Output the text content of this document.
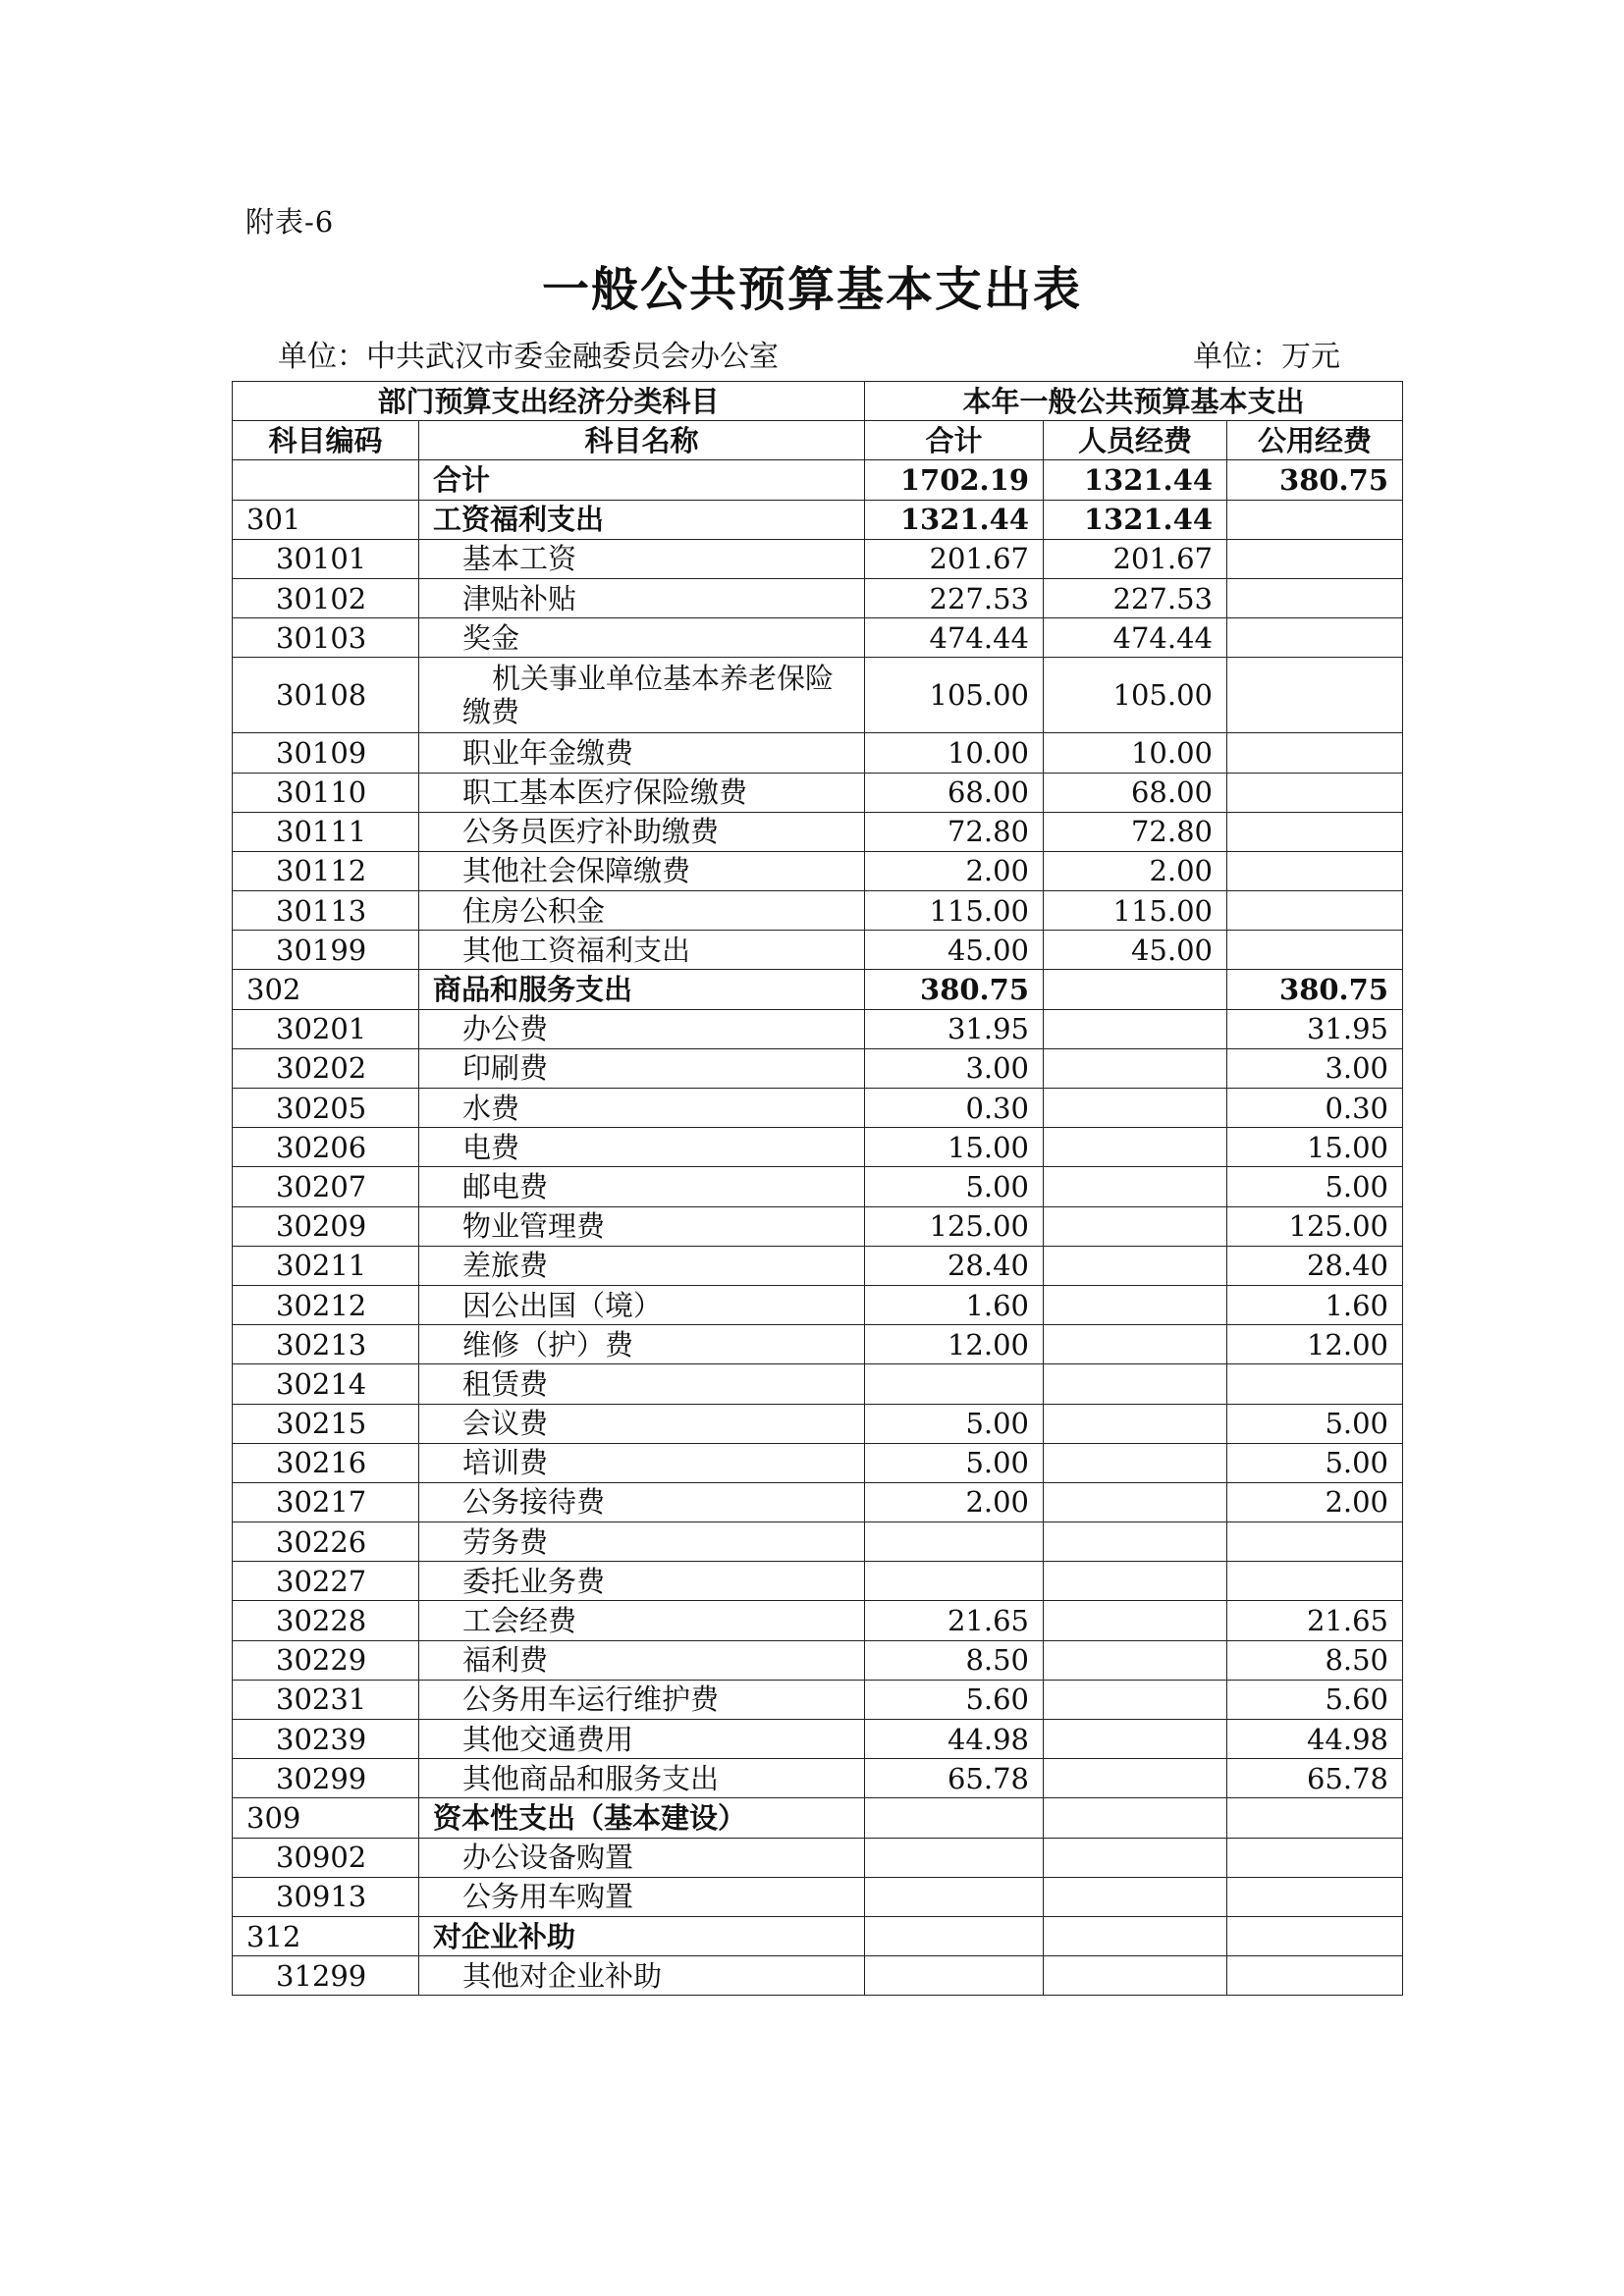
附表-6
一般公共预算基本支出表
单位：中共武汉市委金融委员会办公室	单位：万元
部门预算支出经济分类科目		本年一般公共预算基本支出		
科目编码	科目名称	合计	人员经费	公用经费
	合计	1702.19	1321.44	380.75
301	工资福利支出	1321.44	1321.44	
30101	基本工资	201.67	201.67	
30102	津贴补贴	227.53	227.53	
30103	奖金	474.44	474.44	
30108	机关事业单位基本养老保险缴费	105.00	105.00	
30109	职业年金缴费	10.00	10.00	
30110	职工基本医疗保险缴费	68.00	68.00	
30111	公务员医疗补助缴费	72.80	72.80	
30112	其他社会保障缴费	2.00	2.00	
30113	住房公积金	115.00	115.00	
30199	其他工资福利支出	45.00	45.00	
302	商品和服务支出	380.75		380.75
30201	办公费	31.95		31.95
30202	印刷费	3.00		3.00
30205	水费	0.30		0.30
30206	电费	15.00		15.00
30207	邮电费	5.00		5.00
30209	物业管理费	125.00		125.00
30211	差旅费	28.40		28.40
30212	因公出国（境）	1.60		1.60
30213	维修（护）费	12.00		12.00
30214	租赁费			
30215	会议费	5.00		5.00
30216	培训费	5.00		5.00
30217	公务接待费	2.00		2.00
30226	劳务费			
30227	委托业务费			
30228	工会经费	21.65		21.65
30229	福利费	8.50		8.50
30231	公务用车运行维护费	5.60		5.60
30239	其他交通费用	44.98		44.98
30299	其他商品和服务支出	65.78		65.78
309	资本性支出（基本建设）			
30902	办公设备购置			
30913	公务用车购置			
312	对企业补助			
31299	其他对企业补助			
